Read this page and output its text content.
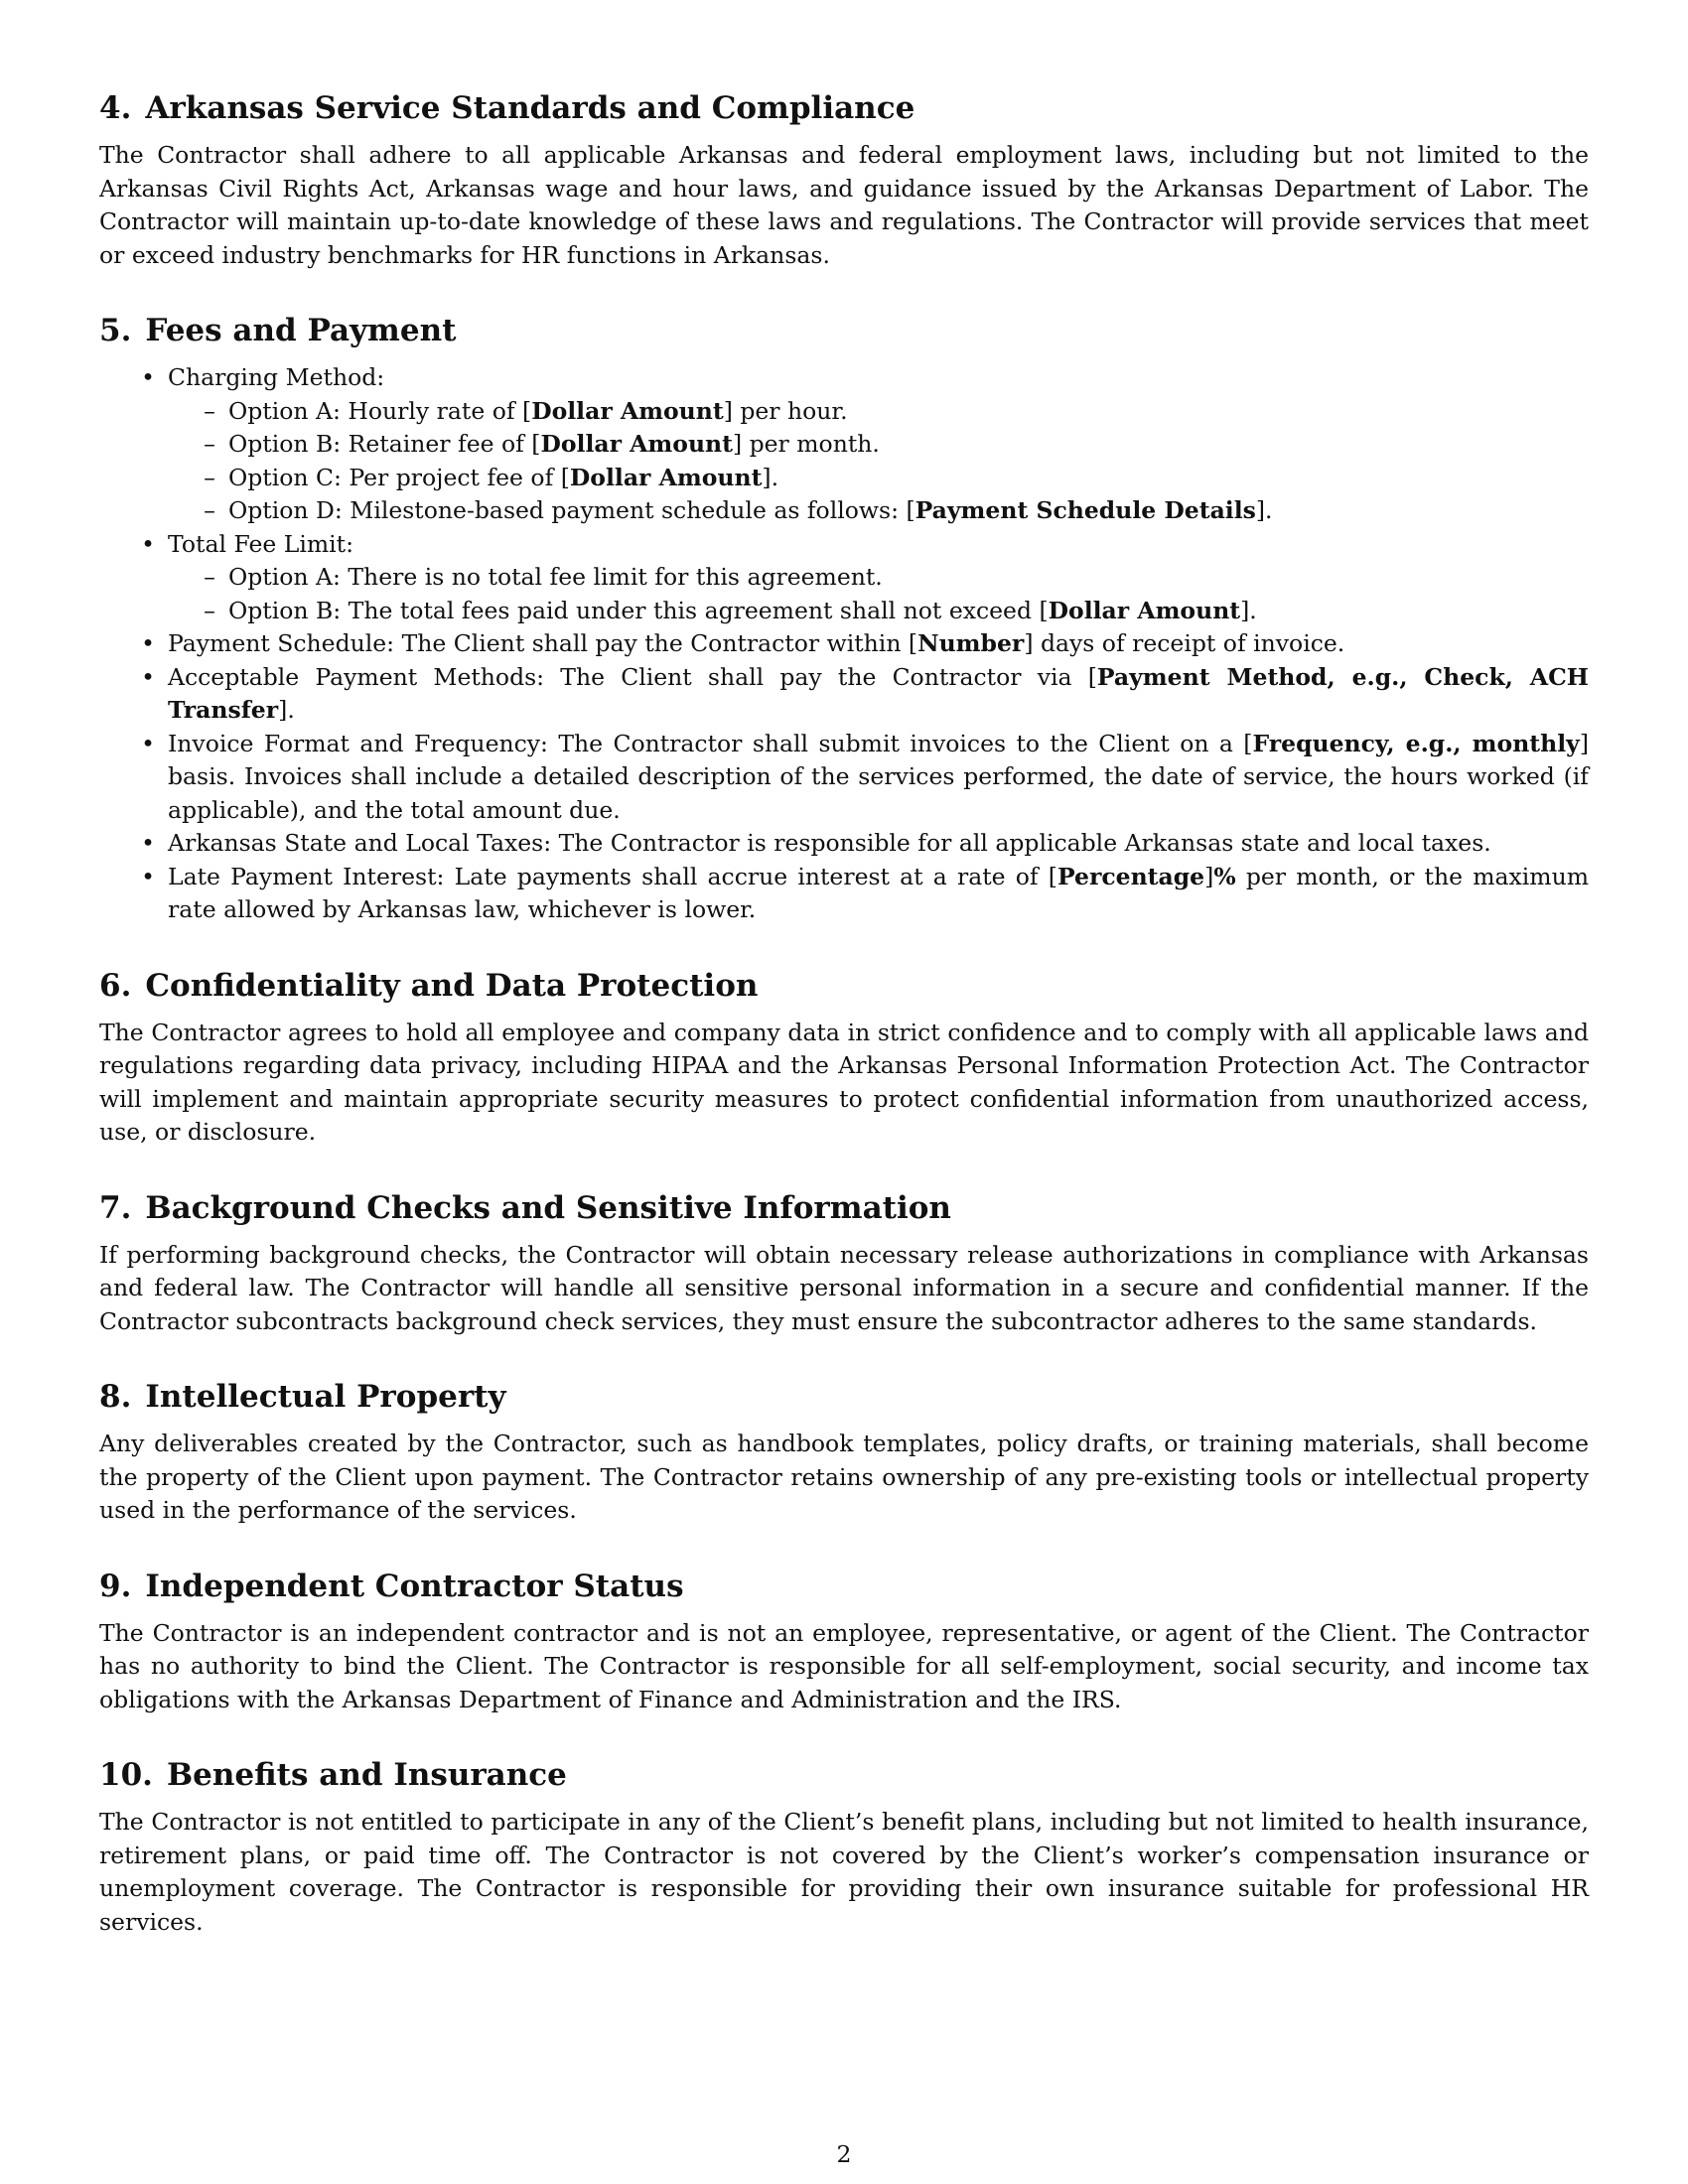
4. Arkansas Service Standards and Compliance

The Contractor shall adhere to all applicable Arkansas and federal employment laws, including but not limited to the Arkansas Civil Rights Act, Arkansas wage and hour laws, and guidance issued by the Arkansas Department of Labor. The Contractor will maintain up-to-date knowledge of these laws and regulations. The Contractor will provide services that meet or exceed industry benchmarks for HR functions in Arkansas.

5. Fees and Payment
• Charging Method:
– Option A: Hourly rate of [Dollar Amount] per hour.
– Option B: Retainer fee of [Dollar Amount] per month.
– Option C: Per project fee of [Dollar Amount].
– Option D: Milestone-based payment schedule as follows: [Payment Schedule Details].
• Total Fee Limit:
– Option A: There is no total fee limit for this agreement.
– Option B: The total fees paid under this agreement shall not exceed [Dollar Amount].
• Payment Schedule: The Client shall pay the Contractor within [Number] days of receipt of invoice.
• Acceptable Payment Methods: The Client shall pay the Contractor via [Payment Method, e.g., Check, ACH Transfer].
• Invoice Format and Frequency: The Contractor shall submit invoices to the Client on a [Frequency, e.g., monthly] basis. Invoices shall include a detailed description of the services performed, the date of service, the hours worked (if applicable), and the total amount due.
• Arkansas State and Local Taxes: The Contractor is responsible for all applicable Arkansas state and local taxes.
• Late Payment Interest: Late payments shall accrue interest at a rate of [Percentage]% per month, or the maximum rate allowed by Arkansas law, whichever is lower.
6. Confidentiality and Data Protection

The Contractor agrees to hold all employee and company data in strict confidence and to comply with all applicable laws and regulations regarding data privacy, including HIPAA and the Arkansas Personal Information Protection Act. The Contractor will implement and maintain appropriate security measures to protect confidential information from unauthorized access, use, or disclosure.

7. Background Checks and Sensitive Information

If performing background checks, the Contractor will obtain necessary release authorizations in compliance with Arkansas and federal law. The Contractor will handle all sensitive personal information in a secure and confidential manner. If the Contractor subcontracts background check services, they must ensure the subcontractor adheres to the same standards.

8. Intellectual Property

Any deliverables created by the Contractor, such as handbook templates, policy drafts, or training materials, shall become the property of the Client upon payment. The Contractor retains ownership of any pre-existing tools or intellectual property used in the performance of the services.

9. Independent Contractor Status

The Contractor is an independent contractor and is not an employee, representative, or agent of the Client. The Contractor has no authority to bind the Client. The Contractor is responsible for all self-employment, social security, and income tax obligations with the Arkansas Department of Finance and Administration and the IRS.

10. Benefits and Insurance

The Contractor is not entitled to participate in any of the Client’s benefit plans, including but not limited to health insurance, retirement plans, or paid time off. The Contractor is not covered by the Client’s worker’s compensation insurance or unemployment coverage. The Contractor is responsible for providing their own insurance suitable for professional HR services.

2
